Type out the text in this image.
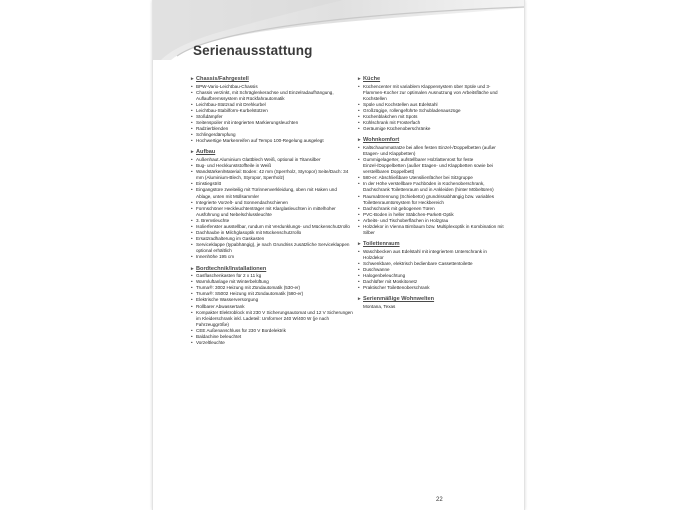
Serienausstattung
▸ Chassis/Fahrgestell
• BPW-Vario-Leichtbau-Chassis
• Chassis verzinkt, mit Schräglenkerachse und Einzelradaufhängung, Auflaufbremssystem mit Rückfahrautomatik
• Leichtbau-Stützrad mit Drehkurbel
• Leichtbau-Stabilform-Kurbelstützen
• Stoßdämpfer
• Seitenspoiler mit integrierten Markierungsleuchten
• Radzierblenden
• Schlingerdämpfung
• Hochwertige Markenreifen auf Tempo 100-Regelung ausgelegt
▸ Aufbau
• Außenhaut Aluminium Glattblech Weiß, optional in Titansilber
• Bug- und Heckkunststoffteile in Weiß
• Wandstärken/Material: Boden: 42 mm (Sperrholz, Styropor) Seite/Dach: 34 mm (Aluminium-Blech, Styropor, Sperrholz)
• Einstiegstritt
• Eingangstüre zweiteilig mit Türinnenverkleidung, oben mit Haken und Ablage, unten mit Müllsammler
• Integrierte Vorzelt- und Sonnendachschienen
• Formschöner Heckleuchtenträger mit Klarglasleuchten in mittelhoher Ausführung und Nebelschlussleuchte
• 3. Bremsleuchte
• Isolierfenster ausstellbar, rundum mit Verdunklungs- und Mückenschutzrollo
• Dachhaube in Milchglasoptik mit Mückenschutzrollo
• Ersatzradhalterung im Gaskasten
• Serviceklappe (typabhängig), je nach Grundriss zusätzliche Serviceklappen optional erhältlich
• Innenhöhe 195 cm
▸ Bordtechnik/Installationen
• Gasflaschenkasten für 2 x 11 kg
• Warmluftanlage mit Winterbelüftung
• Truma®: 3002 Heizung mit Zündautomatik (530-er)
• Truma®: S5002 Heizung mit Zündautomatik (580-er)
• Elektrische Wasserversorgung
• Rollbarer Abwassertank
• Kompakter Elektroblock mit 230 V Sicherungsautomat und 12 V Sicherungen im Kleiderschrank inkl. Ladeteil: Umformer 240 W/400 W (je nach Fahrzeuggröße)
• CEE Außenanschluss für 230 V Bordelektrik
• Baldachine beleuchtet
• Vorzeltleuchte
▸ Küche
• Küchencenter mit variablem Klappensystem über Spüle und 3-Flammen-Kocher zur optimalen Ausnutzung von Arbeitsfläche und Kochstellen
• Spüle und Kochstellen aus Edelstahl
• Großzügige, rollengeführte Schubladenauszüge
• Küchenblakchen mit Spots
• Kühlschrank mit Frosterfach
• Geräumige Küchenoberschränke
▸ Wohnkomfort
• Kaltschaummatratze bei allen festen Einzel-/Doppelbetten (außer Etagen- und Klappbetten)
• Gummigelagerter, aufstellbarer Holzlattenrost für feste Einzel-/Doppelbetten (außer Etagen- und Klappbetten sowie bei verstellbaren Doppelbett)
• 580-er: Abschließbare Utensilienfächer bei Sitzgruppe
• In der Höhe verstellbare Fachböden in Küchenoberschrank, Dachschrank Toilettenraum und in Ankleiden (hinter Möbeltüren)
• Raumabtrennung (Schiebetür) grundrissabhängig bzw. variables Toilettenraumtürsystem für Heckbereich
• Dachschrank mit gebogenen Türen
• PVC-Boden in heller Stäbchen-Parkett-Optik
• Arbeits- und Tischoberflächen in Holzgrau
• Holzdekor in Vienna Birnbaum bzw. Multiplexoptik in Kombination mit Silber
▸ Toilettenraum
• Waschbecken aus Edelstahl mit integriertem Unterschrank in Holzdekor
• Schwenkbare, elektrisch bedienbare Cassettentoilette
• Duschwanne
• Halogenbeleuchtung
• Dachlüfter mit Moskitonetz
• Praktischer Toilettenoberschrank
▸ Serienmäßige Wohnwelten
Montana, Texas
22
